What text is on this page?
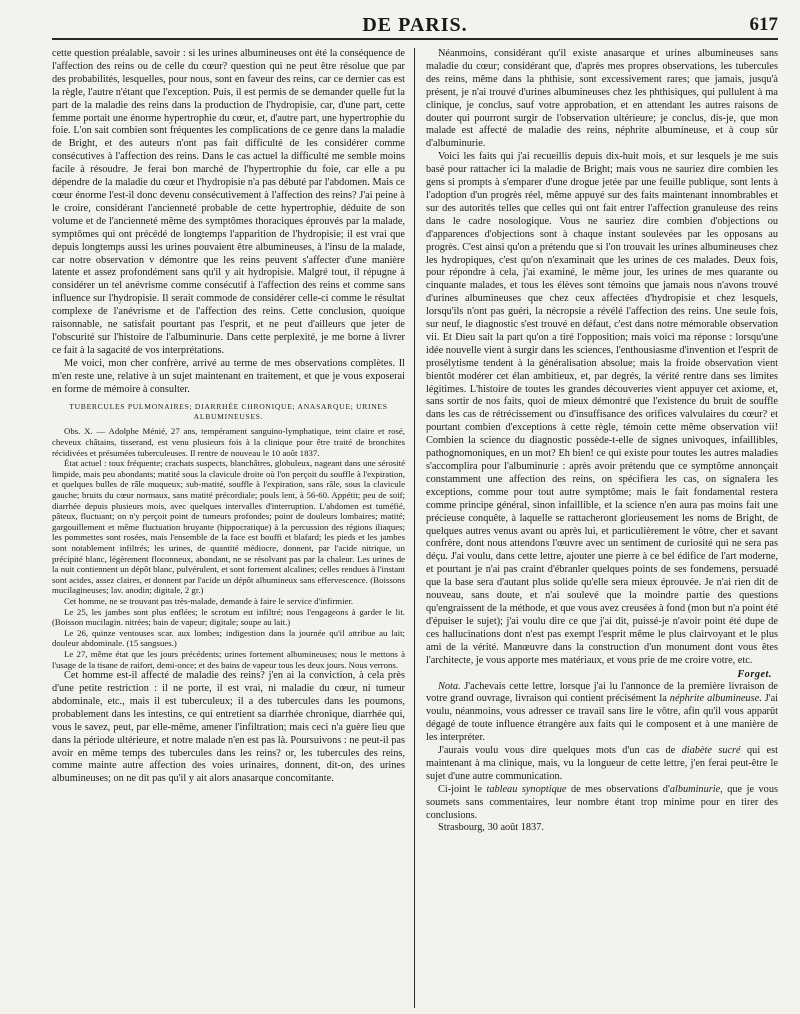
DE PARIS.	617

cette question préalable, savoir : si les urines albumineuses ont été la conséquence de l'affection des reins ou de celle du cœur? question qui ne peut être résolue que par des probabilités, lesquelles, pour nous, sont en faveur des reins, car ce dernier cas est la règle, l'autre n'étant que l'exception. Puis, il est permis de se demander quelle fut la part de la maladie des reins dans la production de l'hydropisie, car, d'une part, cette femme portait une énorme hypertrophie du cœur, et, d'autre part, une hypertrophie du foie. L'on sait combien sont fréquentes les complications de ce genre dans la maladie de Bright, et des auteurs n'ont pas fait difficulté de les considérer comme consécutives à l'affection des reins. Dans le cas actuel la difficulté me semble moins facile à résoudre. Je ferai bon marché de l'hypertrophie du foie, car elle a pu dépendre de la maladie du cœur et l'hydropisie n'a pas débuté par l'abdomen. Mais ce cœur énorme l'est-il donc devenu consécutivement à l'affection des reins? J'ai peine à le croire, considérant l'ancienneté probable de cette hypertrophie, déduite de son volume et de l'ancienneté même des symptômes thoraciques éprouvés par la malade, symptômes qui ont précédé de longtemps l'apparition de l'hydropisie; il est vrai que depuis longtemps aussi les urines pouvaient être albumineuses, à l'insu de la malade, car notre observation v démontre que les reins peuvent s'affecter d'une manière latente et assez profondément sans qu'il y ait hydropisie. Malgré tout, il répugne à considérer un tel anévrisme comme consécutif à l'affection des reins et comme sans influence sur l'hydropisie. Il serait commode de considérer celle-ci comme le résultat complexe de l'anévrisme et de l'affection des reins. Cette conclusion, quoique raisonnable, ne satisfait pourtant pas l'esprit, et ne peut d'ailleurs que jeter de l'obscurité sur l'histoire de l'albuminurie. Dans cette perplexité, je me borne à livrer ce fait à la sagacité de vos interprétations.

Me voici, mon cher confrère, arrivé au terme de mes observations complètes. Il m'en reste une, relative à un sujet maintenant en traitement, et que je vous exposerai en forme de mémoire à consulter.

TUBERCULES PULMONAIRES; DIARRHÉE CHRONIQUE; ANASARQUE; URINES ALBUMINEUSES.

Obs. X. — Adolphe Ménié, 27 ans, tempérament sanguino-lymphatique, teint claire et rosé, cheveux châtains, tisserand, est venu plusieurs fois à la clinique pour être traité de bronchites récidivées et présumées tuberculeuses. Il rentre de nouveau le 10 août 1837.

État actuel : toux fréquente; crachats suspects, blanchâtres, globuleux, nageant dans une sérosité limpide, mais peu abondants; matité sous la clavicule droite où l'on perçoit du souffle à l'expiration, et quelques bulles de râle muqueux; sub-matité, souffle à l'expiration, sans râle, sous la clavicule gauche; bruits du cœur normaux, sans matité précordiale; pouls lent, à 56-60. Appétit; peu de soif; diarrhée depuis plusieurs mois, avec quelques intervalles d'interruption. L'abdomen est tuméfié, pâteux, fluctuant; on n'y perçoit point de tumeurs profondes; point de douleurs lombaires; matité; gargouillement et même fluctuation bruyante (hippocratique) à la percussion des régions iliaques; les pommettes sont rosées, mais l'ensemble de la face est bouffi et blafard; les pieds et les jambes sont notablement infiltrés; les urines, de quantité médiocre, donnent, par l'acide nitrique, un précipité blanc, légèrement floconneux, abondant, ne se résolvant pas par la chaleur. Les urines de la nuit contiennent un dépôt blanc, pulvérulent, et sont fortement alcalines; celles rendues à l'instant sont acides, assez claires, et donnent par l'acide un dépôt albumineux sans effervescence. (Boissons mucilagineuses; lav. anodin; digitale, 2 gr.)

Cet homme, ne se trouvant pas très-malade, demande à faire le service d'infirmier.

Le 25, les jambes sont plus enflées; le scrotum est infiltré; nous l'engageons à garder le lit. (Boisson mucilagin. nitrées; bain de vapeur; digitale; soupe au lait.)

Le 26, quinze ventouses scar. aux lombes; indigestion dans la journée qu'il attribue au lait; douleur abdominale. (15 sangsues.)

Le 27, même état que les jours précédents; urines fortement albumineuses; nous le mettons à l'usage de la tisane de raifort, demi-once; et des bains de vapeur tous les deux jours. Nous verrons.

Cet homme est-il affecté de maladie des reins? j'en ai la conviction, à cela près d'une petite restriction : il ne porte, il est vrai, ni maladie du cœur, ni tumeur abdominale, etc., mais il est tuberculeux; il a des tubercules dans les poumons, probablement dans les intestins, ce qui entretient sa diarrhée chronique, diarrhée qui, vous le savez, peut, par elle-même, amener l'infiltration; mais ceci n'a guère lieu que dans la période ultérieure, et notre malade n'en est pas là. Poursuivons : ne peut-il pas avoir en même temps des tubercules dans les reins? or, les tubercules des reins, comme mainte autre affection des voies urinaires, donnent, dit-on, des urines albumineuses; on ne dit pas qu'il y ait alors anasarque concomitante.

Néanmoins, considérant qu'il existe anasarque et urines albumineuses sans maladie du cœur; considérant que, d'après mes propres observations, les tubercules des reins, même dans la phthisie, sont excessivement rares; que jamais, jusqu'à présent, je n'ai trouvé d'urines albumineuses chez les phthisiques, qui pullulent à ma clinique, je conclus, sauf votre approbation, et en attendant les autres raisons de douter qui pourront surgir de l'observation ultérieure; je conclus, dis-je, que mon malade est affecté de maladie des reins, néphrite albumineuse, et à coup sûr d'albuminurie.

Voici les faits qui j'ai recueillis depuis dix-huit mois, et sur lesquels je me suis basé pour rattacher ici la maladie de Bright; mais vous ne sauriez dire combien les gens si prompts à s'emparer d'une drogue jetée par une feuille publique, sont lents à l'adoption d'un progrès réel, même appuyé sur des faits maintenant innombrables et sur des autorités telles que celles qui ont fait entrer l'affection granuleuse des reins dans le cadre nosologique. Vous ne sauriez dire combien d'objections ou d'apparences d'objections sont à chaque instant soulevées par les opposans au progrès. C'est ainsi qu'on a prétendu que si l'on trouvait les urines albumineuses chez les hydropiques, c'est qu'on n'examinait que les urines de ces malades. Deux fois, pour répondre à cela, j'ai examiné, le même jour, les urines de mes quarante ou cinquante malades, et tous les élèves sont témoins que jamais nous n'avons trouvé d'urines albumineuses que chez ceux affectées d'hydropisie et chez lesquels, lorsqu'ils n'ont pas guéri, la nécropsie a révélé l'affection des reins. Une seule fois, sur neuf, le diagnostic s'est trouvé en défaut, c'est dans notre mémorable observation vii. Et Dieu sait la part qu'on a tiré l'opposition; mais voici ma réponse : lorsqu'une idée nouvelle vient à surgir dans les sciences, l'enthousiasme d'invention et l'esprit de prosélytisme tendent à la généralisation absolue; mais la froide observation vient bientôt modérer cet élan ambitieux, et, par degrés, la vérité rentre dans ses limites légitimes. L'histoire de toutes les grandes découvertes vient appuyer cet axiome, et, sans sortir de nos faits, quoi de mieux démontré que l'existence du bruit de souffle dans les cas de rétrécissement ou d'insuffisance des orifices valvulaires du cœur? et pourtant combien d'exceptions à cette règle, témoin cette même observation vii! Combien la science du diagnostic possède-t-elle de signes univoques, infaillibles, pathognomoniques, en un mot? Eh bien! ce qui existe pour toutes les autres maladies s'accomplira pour l'albuminurie : après avoir prétendu que ce symptôme annonçait constamment une affection des reins, on spécifiera les cas, on signalera les exceptions, comme pour tout autre symptôme; mais le fait fondamental restera comme principe général, sinon infaillible, et la science n'en aura pas moins fait une précieuse conquête, à laquelle se rattacheront glorieusement les noms de Bright, de quelques autres venus avant ou après lui, et particulièrement le vôtre, cher et savant confrère, dont nous attendons l'œuvre avec un sentiment de curiosité qui ne sera pas déçu. J'ai voulu, dans cette lettre, ajouter une pierre à ce bel édifice de l'art moderne, et pourtant je n'ai pas craint d'ébranler quelques points de ses fondemens, persuadé que la base sera d'autant plus solide qu'elle sera mieux éprouvée. Je n'ai rien dit de nouveau, sans doute, et n'ai soulevé que la moindre partie des questions qu'engraissent de la méthode, et que vous avez creusées à fond (mon but n'a point été d'épuiser le sujet); j'ai voulu dire ce que j'ai dit, puissé-je n'avoir point été dupe de ces hallucinations dont n'est pas exempt l'esprit même le plus clairvoyant et le plus ami de la vérité. Manœuvre dans la construction d'un monument dont vous êtes l'architecte, je vous apporte mes matériaux, et vous prie de me croire votre, etc.

Forget.

Nota. J'achevais cette lettre, lorsque j'ai lu l'annonce de la première livraison de votre grand ouvrage, livraison qui contient précisément la néphrite albumineuse. J'ai voulu, néanmoins, vous adresser ce travail sans lire le vôtre, afin qu'il vous apparût dégagé de toute influence étrangère aux faits qui le composent et à une manière de les interpréter.

J'aurais voulu vous dire quelques mots d'un cas de diabète sucré qui est maintenant à ma clinique, mais, vu la longueur de cette lettre, j'en ferai peut-être le sujet d'une autre communication.

Ci-joint le tableau synoptique de mes observations d'albuminurie, que je vous soumets sans commentaires, leur nombre étant trop minime pour en tirer des conclusions.

Strasbourg, 30 août 1837.
